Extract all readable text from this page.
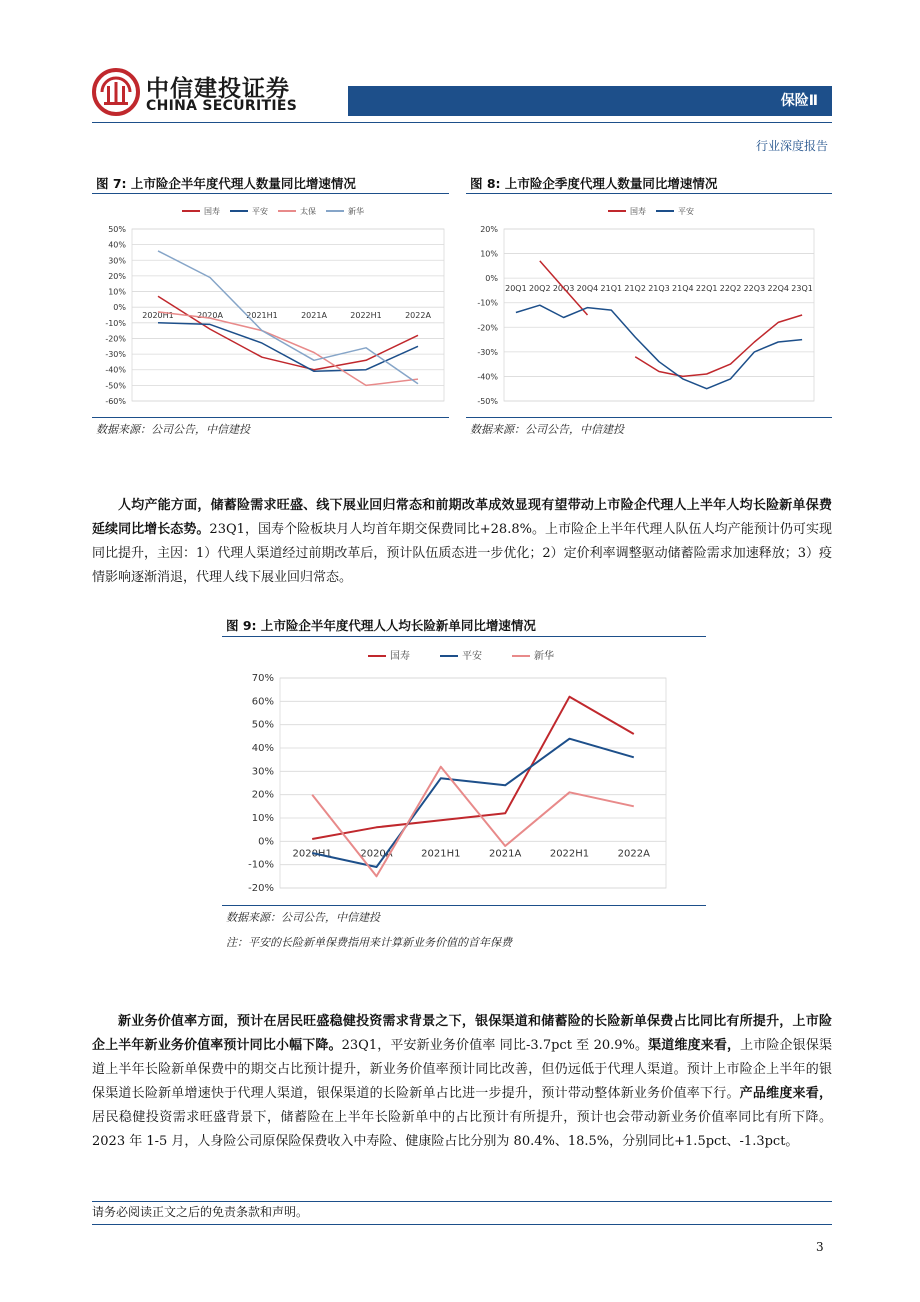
中信建投证券
CHINA SECURITIES	保险Ⅱ
行业深度报告
图 7: 上市险企半年度代理人数量同比增速情况
50%
40%
30%
20%
10%
0%
-10%
-20%
-30%
-40%
-50%
-60%
2020H1	2020A	2021H1	2021A	2022H1	2022A
国寿	平安	太保	新华
数据来源：公司公告，中信建投
图 8: 上市险企季度代理人数量同比增速情况
20%
10%
0%
-10%
-20%
-30%
-40%
-50%
20Q1 20Q2 20Q3 20Q4 21Q1 21Q2 21Q3 21Q4 22Q1 22Q2 22Q3 22Q4 23Q1
国寿	平安
数据来源：公司公告，中信建投
人均产能方面，储蓄险需求旺盛、线下展业回归常态和前期改革成效显现有望带动上市险企代理人上半年人均长险新单保费延续同比增长态势。23Q1，国寿个险板块月人均首年期交保费同比+28.8%。上市险企上半年代理人队伍人均产能预计仍可实现同比提升，主因：1）代理人渠道经过前期改革后，预计队伍质态进一步优化；2）定价利率调整驱动储蓄险需求加速释放；3）疫情影响逐渐消退，代理人线下展业回归常态。
图 9: 上市险企半年度代理人人均长险新单同比增速情况
70%
60%
50%
40%
30%
20%
10%
0%
-10%
-20%
2020H1	2020A	2021H1	2021A	2022H1	2022A
国寿	平安	新华
数据来源：公司公告，中信建投
注：平安的长险新单保费指用来计算新业务价值的首年保费
新业务价值率方面，预计在居民旺盛稳健投资需求背景之下，银保渠道和储蓄险的长险新单保费占比同比有所提升，上市险企上半年新业务价值率预计同比小幅下降。23Q1，平安新业务价值率 同比-3.7pct 至 20.9%。渠道维度来看，上市险企银保渠道上半年长险新单保费中的期交占比预计提升，新业务价值率预计同比改善，但仍远低于代理人渠道。预计上市险企上半年的银保渠道长险新单增速快于代理人渠道，银保渠道的长险新单占比进一步提升，预计带动整体新业务价值率下行。产品维度来看，居民稳健投资需求旺盛背景下，储蓄险在上半年长险新单中的占比预计有所提升，预计也会带动新业务价值率同比有所下降。2023 年 1-5 月，人身险公司原保险保费收入中寿险、健康险占比分别为 80.4%、18.5%，分别同比+1.5pct、-1.3pct。
请务必阅读正文之后的免责条款和声明。
3
